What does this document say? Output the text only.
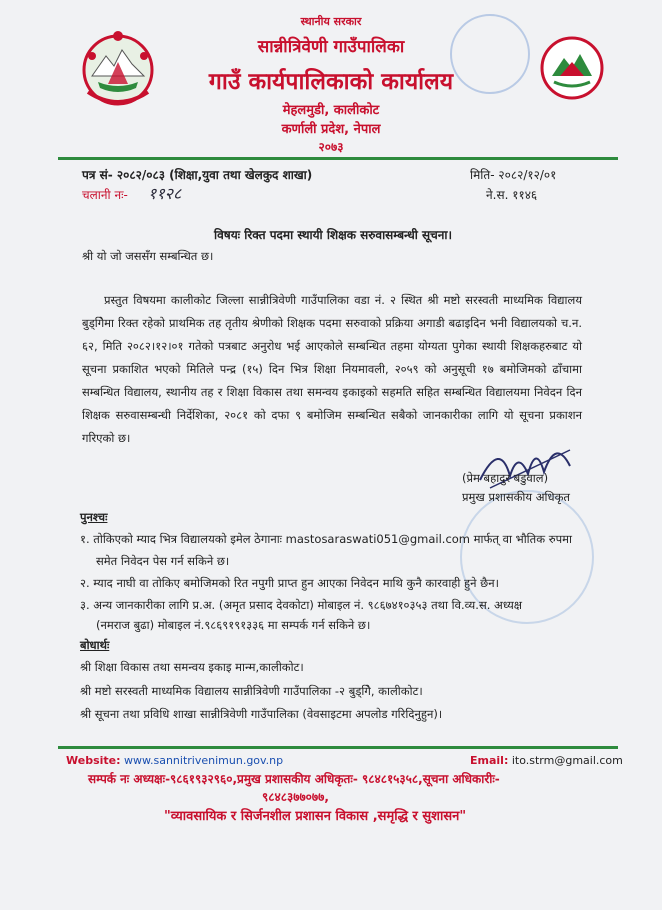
स्थानीय सरकार
सान्नीत्रिवेणी गाउँपालिका
गाउँ कार्यपालिकाको कार्यालय
मेहलमुडी, कालीकोट
कर्णाली प्रदेश, नेपाल
२०७३
पत्र सं- २०८२/०८३ (शिक्षा,युवा तथा खेलकुद शाखा)
चलानी नः- ११२८
मिति- २०८२/१२/०१
ने.स. ११४६
विषयः रिक्त पदमा स्थायी शिक्षक सरुवासम्बन्धी सूचना।
श्री यो जो जससँग सम्बन्धित छ।
प्रस्तुत विषयमा कालीकोट जिल्ला सान्नीत्रिवेणी गाउँपालिका वडा नं. २ स्थित श्री मष्टो सरस्वती माध्यमिक विद्यालय बुड्गिेमा रिक्त रहेको प्राथमिक तह तृतीय श्रेणीको शिक्षक पदमा सरुवाको प्रक्रिया अगाडी बढाइदिन भनी विद्यालयको च.न. ६२, मिति २०८२।१२।०१ गतेको पत्रबाट अनुरोध भई आएकोले सम्बन्धित तहमा योग्यता पुगेका स्थायी शिक्षकहरुबाट यो सूचना प्रकाशित भएको मितिले पन्द्र (१५) दिन भित्र शिक्षा नियमावली, २०५९ को अनुसूची १७ बमोजिमको ढाँचामा सम्बन्धित विद्यालय, स्थानीय तह र शिक्षा विकास तथा समन्वय इकाइको सहमति सहित सम्बन्धित विद्यालयमा निवेदन दिन शिक्षक सरुवासम्बन्धी निर्देशिका, २०८१ को दफा ९ बमोजिम सम्बन्धित सबैको जानकारीका लागि यो सूचना प्रकाशन गरिएको छ।
(प्रेम बहादुर बडुवाल)
प्रमुख प्रशासकीय अधिकृत
पुनश्चः
१. तोकिएको म्याद भित्र विद्यालयको इमेल ठेगानाः mastosaraswati051@gmail.com मार्फत् वा भौतिक रुपमा
समेत निवेदन पेस गर्न सकिने छ।
२. म्याद नाघी वा तोकिए बमोजिमको रित नपुगी प्राप्त हुन आएका निवेदन माथि कुनै कारवाही हुने छैन।
३. अन्य जानकारीका लागि प्र.अ. (अमृत प्रसाद देवकोटा) मोबाइल नं. ९८६७४१०३५३ तथा वि.व्य.स. अध्यक्ष
(नमराज बुढा) मोबाइल नं.९८६९१९१३३६ मा सम्पर्क गर्न सकिने छ।
बोधार्थः
श्री शिक्षा विकास तथा समन्वय इकाइ मान्म,कालीकोट।
श्री मष्टो सरस्वती माध्यमिक विद्यालय सान्नीत्रिवेणी गाउँपालिका -२ बुड्गिे, कालीकोट।
श्री सूचना तथा प्रविधि शाखा सान्नीत्रिवेणी गाउँपालिका (वेवसाइटमा अपलोड गरिदिनुहुन)।
Website: www.sannitrivenimun.gov.np	Email: ito.strm@gmail.com
सम्पर्क नः अध्यक्षः-९८६१९३२९६०,प्रमुख प्रशासकीय अधिकृतः- ९८४८१५३५८,सूचना अधिकारीः-
९८४८३७७०७७,
"व्यावसायिक र सिर्जनशील प्रशासन विकास ,समृद्धि र सुशासन"
